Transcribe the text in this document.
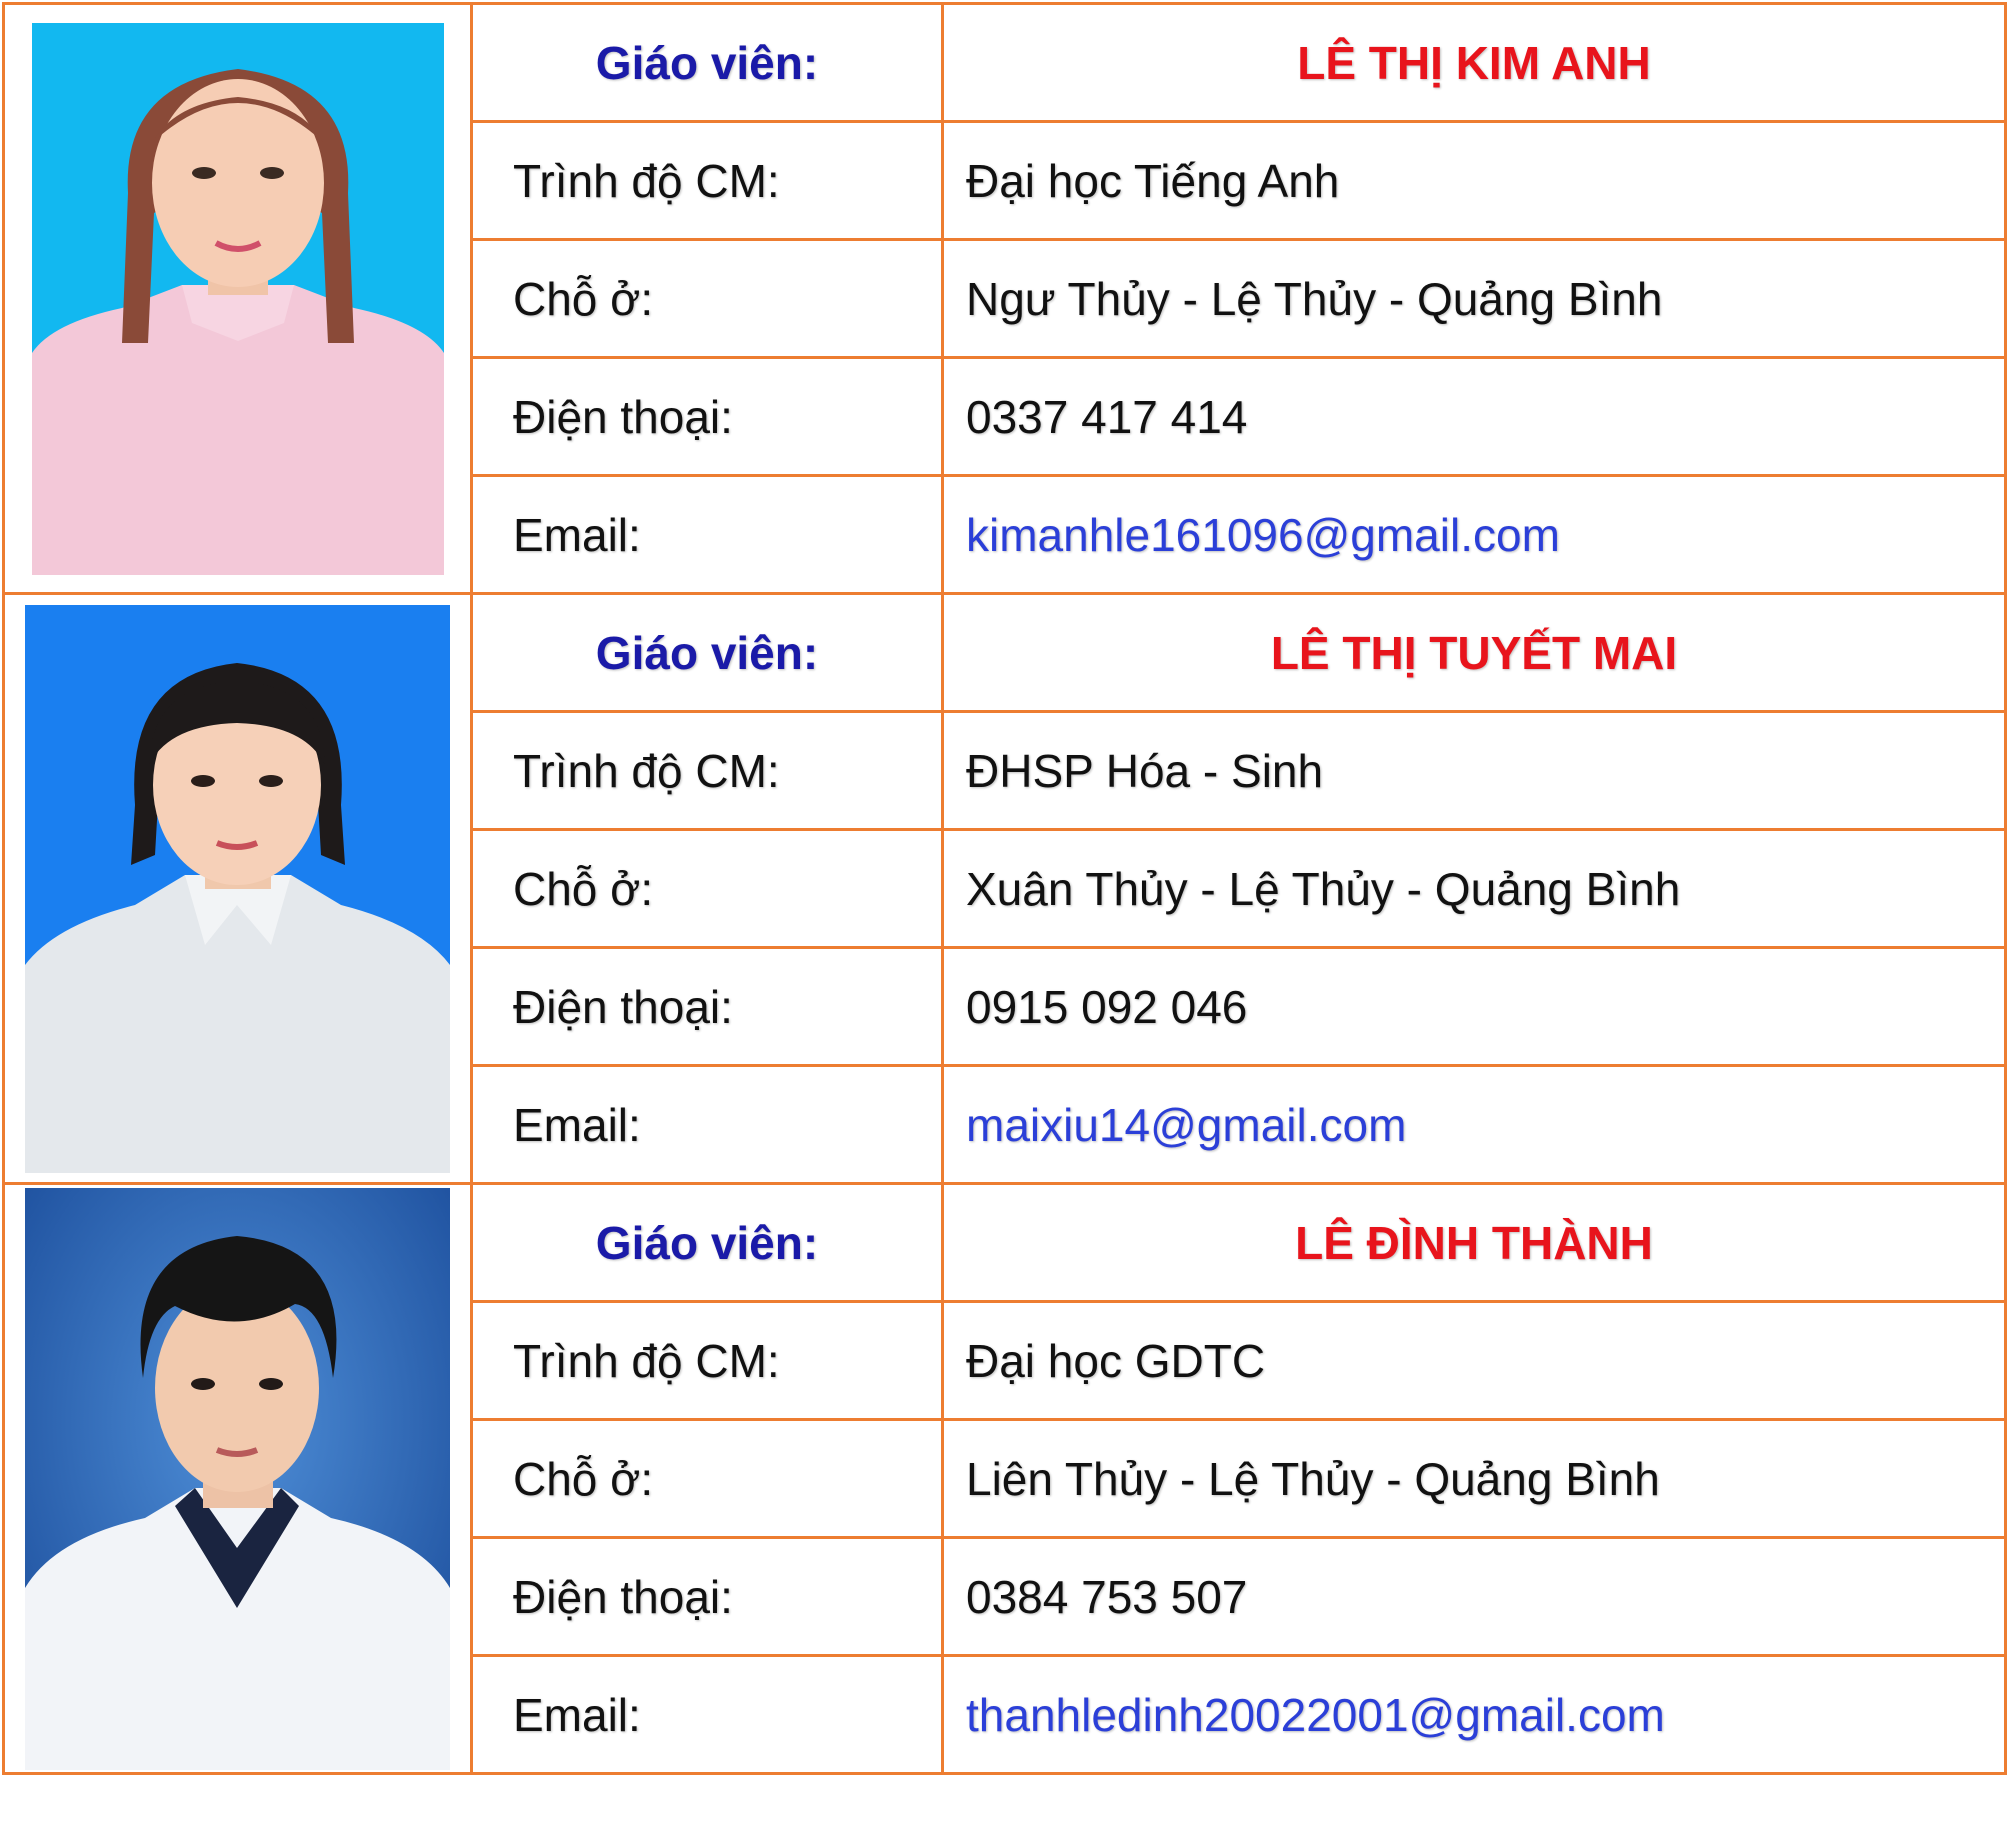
	Giáo viên:	LÊ THỊ KIM ANH
	Trình độ CM:	Đại học Tiếng Anh
	Chỗ ở:	Ngư Thủy - Lệ Thủy - Quảng Bình
	Điện thoại:	0337 417 414
	Email:	kimanhle161096@gmail.com

	Giáo viên:	LÊ THỊ TUYẾT MAI
	Trình độ CM:	ĐHSP Hóa - Sinh
	Chỗ ở:	Xuân Thủy - Lệ Thủy - Quảng Bình
	Điện thoại:	0915 092 046
	Email:	maixiu14@gmail.com

	Giáo viên:	LÊ ĐÌNH THÀNH
	Trình độ CM:	Đại học GDTC
	Chỗ ở:	Liên Thủy - Lệ Thủy - Quảng Bình
	Điện thoại:	0384 753 507
	Email:	thanhledinh20022001@gmail.com
